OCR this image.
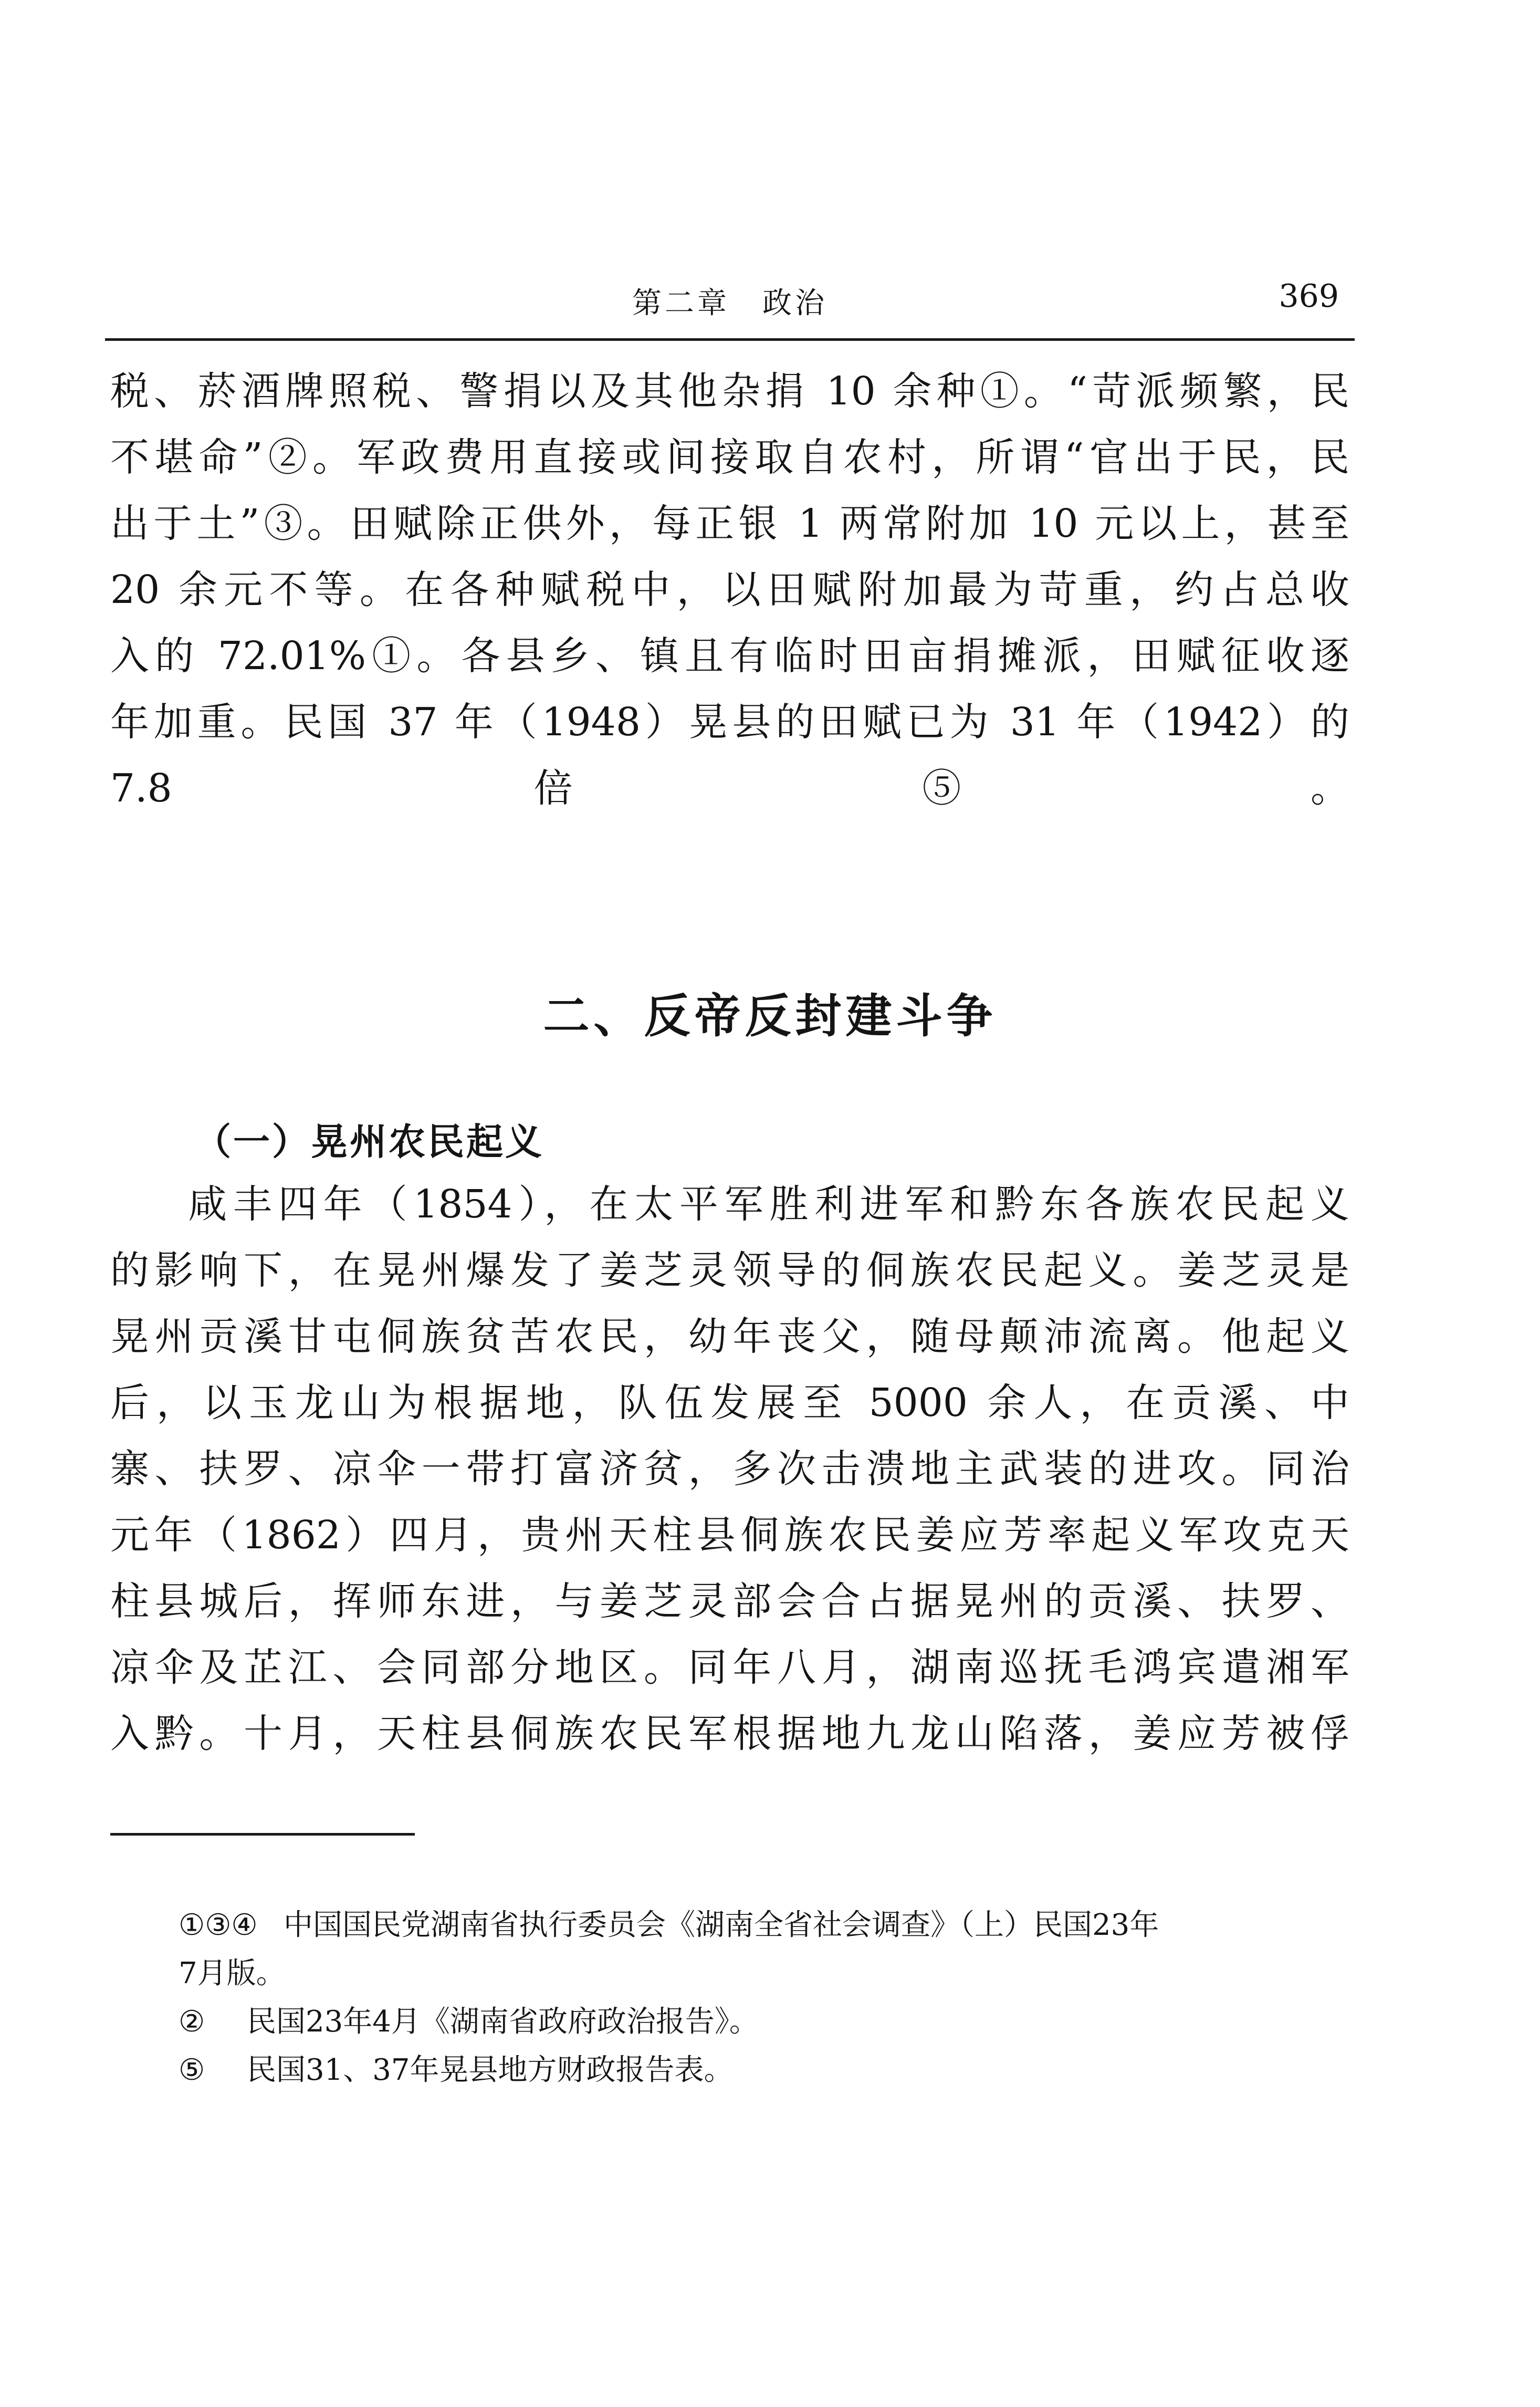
第二章　政治	369
税、菸酒牌照税、警捐以及其他杂捐 10 余种①。“苛派频繁，民
不堪命”②。军政费用直接或间接取自农村，所谓“官出于民，民
出于土”③。田赋除正供外，每正银 1 两常附加 10 元以上，甚至
20 余元不等。在各种赋税中，以田赋附加最为苛重，约占总收
入的 72.01%①。各县乡、镇且有临时田亩捐摊派，田赋征收逐
年加重。民国 37 年（1948）晃县的田赋已为 31 年（1942）的
7.8 倍⑤。
二、反帝反封建斗争
（一）晃州农民起义
咸丰四年（1854），在太平军胜利进军和黔东各族农民起义
的影响下，在晃州爆发了姜芝灵领导的侗族农民起义。姜芝灵是
晃州贡溪甘屯侗族贫苦农民，幼年丧父，随母颠沛流离。他起义
后，以玉龙山为根据地，队伍发展至 5000 余人，在贡溪、中
寨、扶罗、凉伞一带打富济贫，多次击溃地主武装的进攻。同治
元年（1862）四月，贵州天柱县侗族农民姜应芳率起义军攻克天
柱县城后，挥师东进，与姜芝灵部会合占据晃州的贡溪、扶罗、
凉伞及芷江、会同部分地区。同年八月，湖南巡抚毛鸿宾遣湘军
入黔。十月，天柱县侗族农民军根据地九龙山陷落，姜应芳被俘
①③④ 中国国民党湖南省执行委员会《湖南全省社会调查》（上）民国23年
7月版。
② 民国23年4月《湖南省政府政治报告》。
⑤ 民国31、37年晃县地方财政报告表。
